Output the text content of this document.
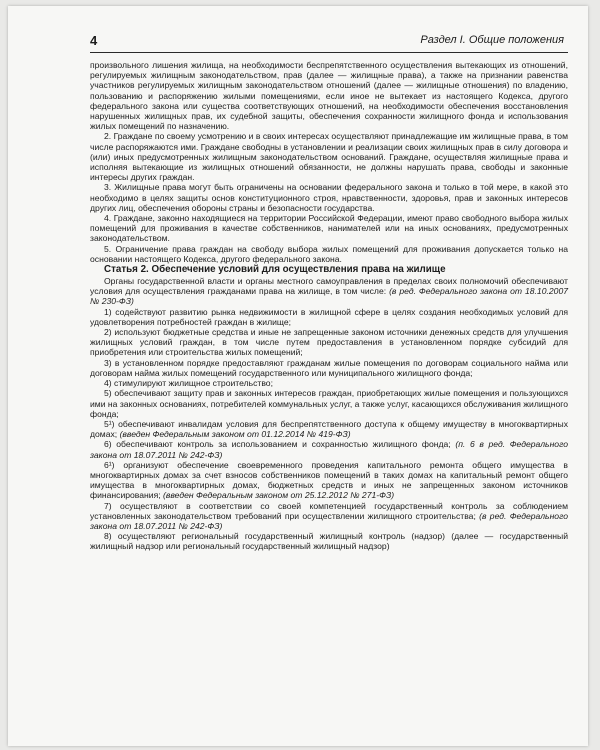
4	Раздел I. Общие положения

произвольного лишения жилища, на необходимости беспрепятственного осуществления вытекающих из отношений, регулируемых жилищным законодательством, прав (далее — жилищные права), а также на признании равенства участников регулируемых жилищным законодательством отношений (далее — жилищные отношения) по владению, пользованию и распоряжению жилыми помещениями, если иное не вытекает из настоящего Кодекса, другого федерального закона или существа соответствующих отношений, на необходимости обеспечения восстановления нарушенных жилищных прав, их судебной защиты, обеспечения сохранности жилищного фонда и использования жилых помещений по назначению.

2. Граждане по своему усмотрению и в своих интересах осуществляют принадлежащие им жилищные права, в том числе распоряжаются ими. Граждане свободны в установлении и реализации своих жилищных прав в силу договора и (или) иных предусмотренных жилищным законодательством оснований. Граждане, осуществляя жилищные права и исполняя вытекающие из жилищных отношений обязанности, не должны нарушать права, свободы и законные интересы других граждан.

3. Жилищные права могут быть ограничены на основании федерального закона и только в той мере, в какой это необходимо в целях защиты основ конституционного строя, нравственности, здоровья, прав и законных интересов других лиц, обеспечения обороны страны и безопасности государства.

4. Граждане, законно находящиеся на территории Российской Федерации, имеют право свободного выбора жилых помещений для проживания в качестве собственников, нанимателей или на иных основаниях, предусмотренных законодательством.

5. Ограничение права граждан на свободу выбора жилых помещений для проживания допускается только на основании настоящего Кодекса, другого федерального закона.

Статья 2. Обеспечение условий для осуществления права на жилище

Органы государственной власти и органы местного самоуправления в пределах своих полномочий обеспечивают условия для осуществления гражданами права на жилище, в том числе: (в ред. Федерального закона от 18.10.2007 № 230-ФЗ)

1) содействуют развитию рынка недвижимости в жилищной сфере в целях создания необходимых условий для удовлетворения потребностей граждан в жилище;

2) используют бюджетные средства и иные не запрещенные законом источники денежных средств для улучшения жилищных условий граждан, в том числе путем предоставления в установленном порядке субсидий для приобретения или строительства жилых помещений;

3) в установленном порядке предоставляют гражданам жилые помещения по договорам социального найма или договорам найма жилых помещений государственного или муниципального жилищного фонда;

4) стимулируют жилищное строительство;

5) обеспечивают защиту прав и законных интересов граждан, приобретающих жилые помещения и пользующихся ими на законных основаниях, потребителей коммунальных услуг, а также услуг, касающихся обслуживания жилищного фонда;

5¹) обеспечивают инвалидам условия для беспрепятственного доступа к общему имуществу в многоквартирных домах; (введен Федеральным законом от 01.12.2014 № 419-ФЗ)

6) обеспечивают контроль за использованием и сохранностью жилищного фонда; (п. 6 в ред. Федерального закона от 18.07.2011 № 242-ФЗ)

6¹) организуют обеспечение своевременного проведения капитального ремонта общего имущества в многоквартирных домах за счет взносов собственников помещений в таких домах на капитальный ремонт общего имущества в многоквартирных домах, бюджетных средств и иных не запрещенных законом источников финансирования; (введен Федеральным законом от 25.12.2012 № 271-ФЗ)

7) осуществляют в соответствии со своей компетенцией государственный контроль за соблюдением установленных законодательством требований при осуществлении жилищного строительства; (в ред. Федерального закона от 18.07.2011 № 242-ФЗ)

8) осуществляют региональный государственный жилищный контроль (надзор) (далее — государственный жилищный надзор или региональный государственный жилищный надзор)
